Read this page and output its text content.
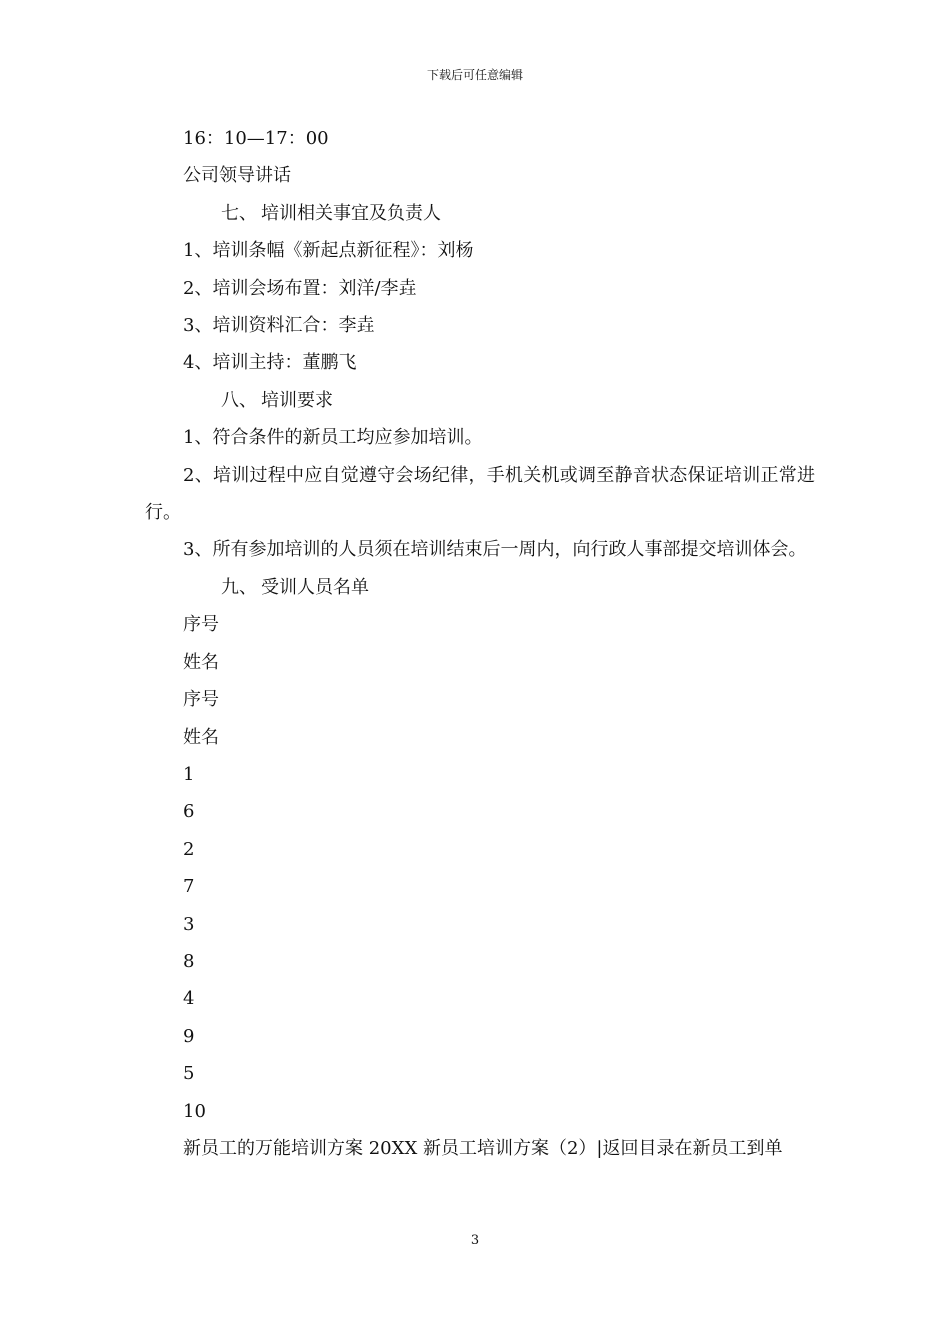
下载后可任意编辑

16：10—17：00

公司领导讲话

七、 培训相关事宜及负责人

1、培训条幅《新起点新征程》：刘杨

2、培训会场布置：刘洋/李垚

3、培训资料汇合：李垚

4、培训主持：董鹏飞

八、 培训要求

1、符合条件的新员工均应参加培训。

2、培训过程中应自觉遵守会场纪律，手机关机或调至静音状态保证培训正常进行。

3、所有参加培训的人员须在培训结束后一周内，向行政人事部提交培训体会。

九、 受训人员名单

序号

姓名

序号

姓名

1

6

2

7

3

8

4

9

5

10

新员工的万能培训方案 20XX 新员工培训方案（2）|返回目录在新员工到单

3
